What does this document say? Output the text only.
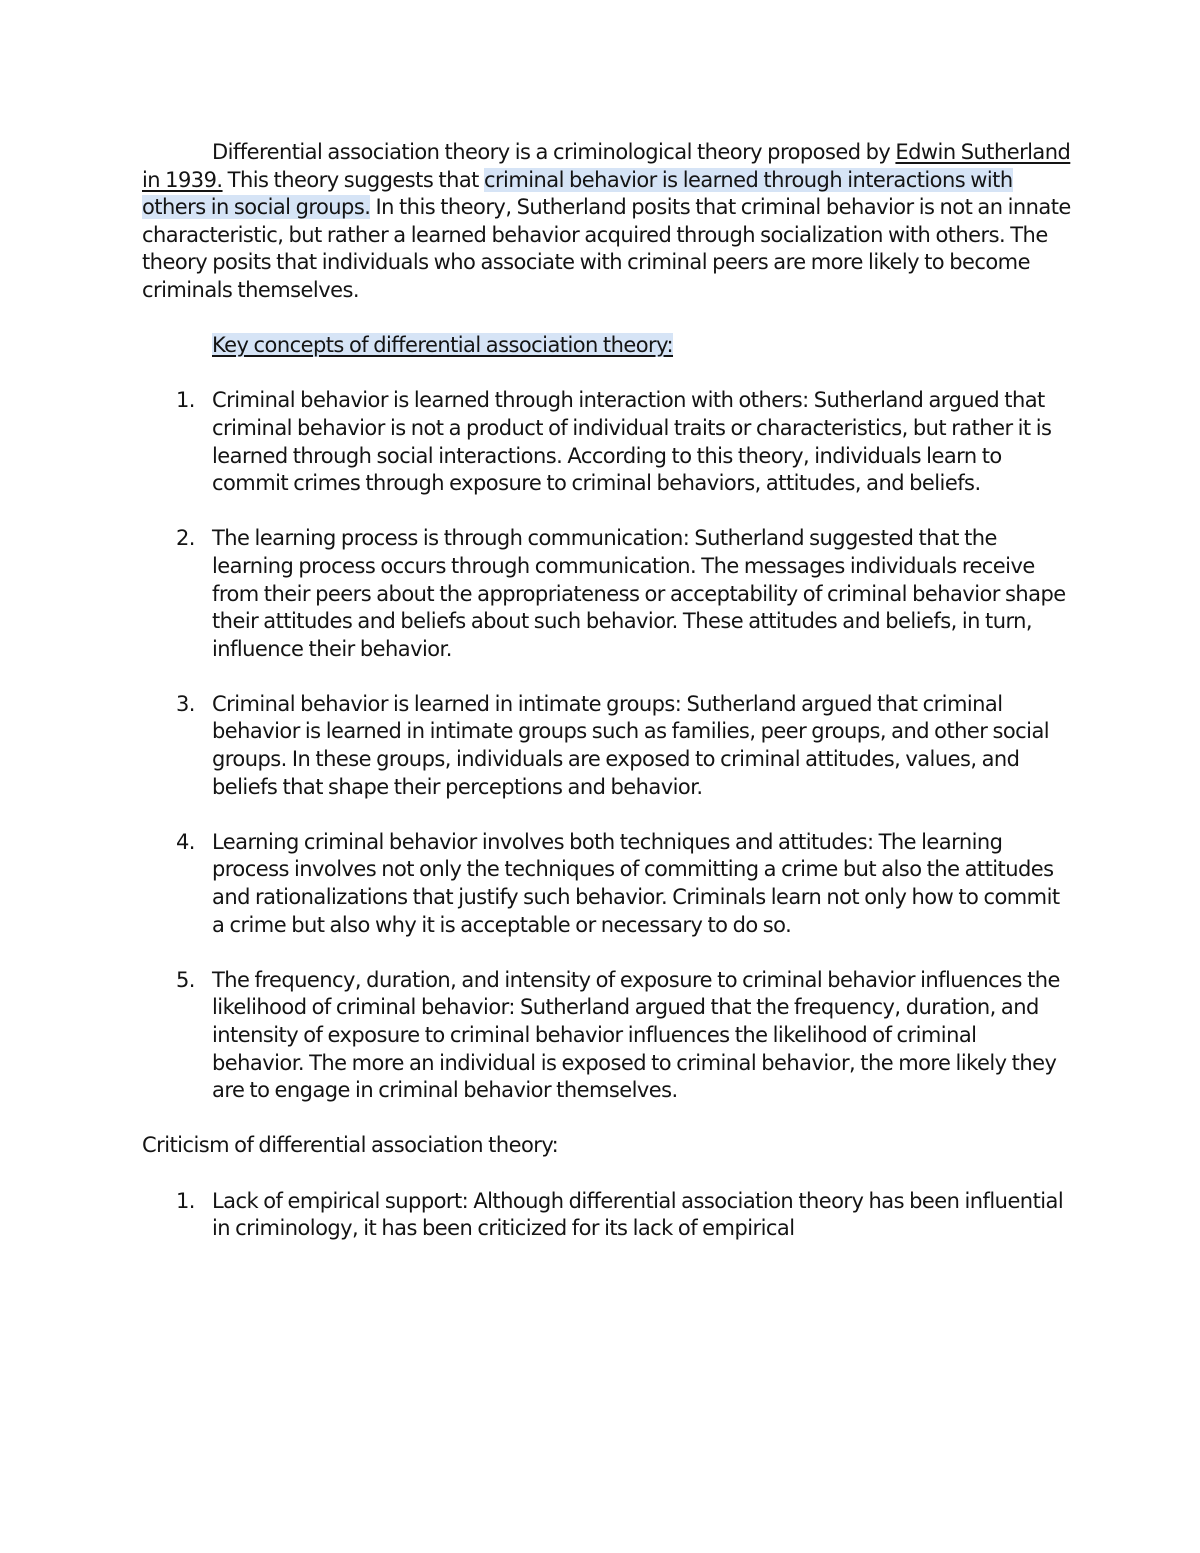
Differential association theory is a criminological theory proposed by Edwin Sutherland in 1939. This theory suggests that criminal behavior is learned through interactions with others in social groups. In this theory, Sutherland posits that criminal behavior is not an innate characteristic, but rather a learned behavior acquired through socialization with others. The theory posits that individuals who associate with criminal peers are more likely to become criminals themselves.

Key concepts of differential association theory:

1. Criminal behavior is learned through interaction with others: Sutherland argued that criminal behavior is not a product of individual traits or characteristics, but rather it is learned through social interactions. According to this theory, individuals learn to commit crimes through exposure to criminal behaviors, attitudes, and beliefs.
2. The learning process is through communication: Sutherland suggested that the learning process occurs through communication. The messages individuals receive from their peers about the appropriateness or acceptability of criminal behavior shape their attitudes and beliefs about such behavior. These attitudes and beliefs, in turn, influence their behavior.
3. Criminal behavior is learned in intimate groups: Sutherland argued that criminal behavior is learned in intimate groups such as families, peer groups, and other social groups. In these groups, individuals are exposed to criminal attitudes, values, and beliefs that shape their perceptions and behavior.
4. Learning criminal behavior involves both techniques and attitudes: The learning process involves not only the techniques of committing a crime but also the attitudes and rationalizations that justify such behavior. Criminals learn not only how to commit a crime but also why it is acceptable or necessary to do so.
5. The frequency, duration, and intensity of exposure to criminal behavior influences the likelihood of criminal behavior: Sutherland argued that the frequency, duration, and intensity of exposure to criminal behavior influences the likelihood of criminal behavior. The more an individual is exposed to criminal behavior, the more likely they are to engage in criminal behavior themselves.

Criticism of differential association theory:

1. Lack of empirical support: Although differential association theory has been influential in criminology, it has been criticized for its lack of empirical
